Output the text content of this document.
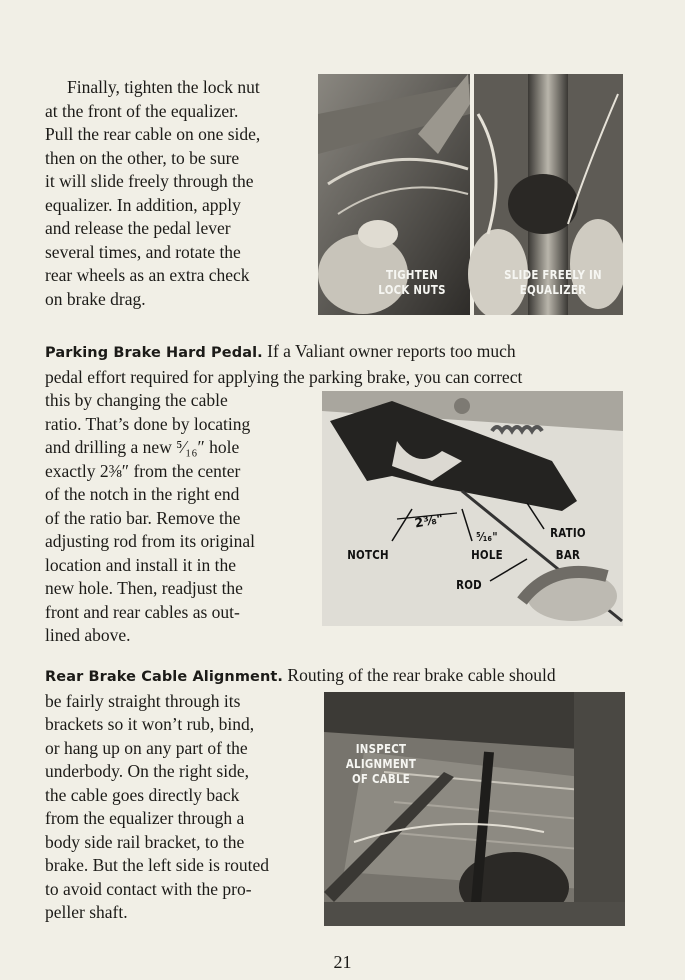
Finally, tighten the lock nut

at the front of the equalizer.

Pull the rear cable on one side,

then on the other, to be sure

it will slide freely through the

equalizer. In addition, apply

and release the pedal lever

several times, and rotate the

rear wheels as an extra check

on brake drag.

TIGHTEN
LOCK NUTS
SLIDE FREELY IN
EQUALIZER

Parking Brake Hard Pedal. If a Valiant owner reports too much

pedal effort required for applying the parking brake, you can correct

this by changing the cable

ratio. That’s done by locating

and drilling a new ⁵⁄₁₆″ hole

exactly 2⅜″ from the center

of the notch in the right end

of the ratio bar. Remove the

adjusting rod from its original

location and install it in the

new hole. Then, readjust the

front and rear cables as out-

lined above.

2⅜"
NOTCH
⁵⁄₁₆"
HOLE
RATIO
BAR
ROD

Rear Brake Cable Alignment. Routing of the rear brake cable should

be fairly straight through its

brackets so it won’t rub, bind,

or hang up on any part of the

underbody. On the right side,

the cable goes directly back

from the equalizer through a

body side rail bracket, to the

brake. But the left side is routed

to avoid contact with the pro-

peller shaft.

INSPECT
ALIGNMENT
OF CABLE
21
